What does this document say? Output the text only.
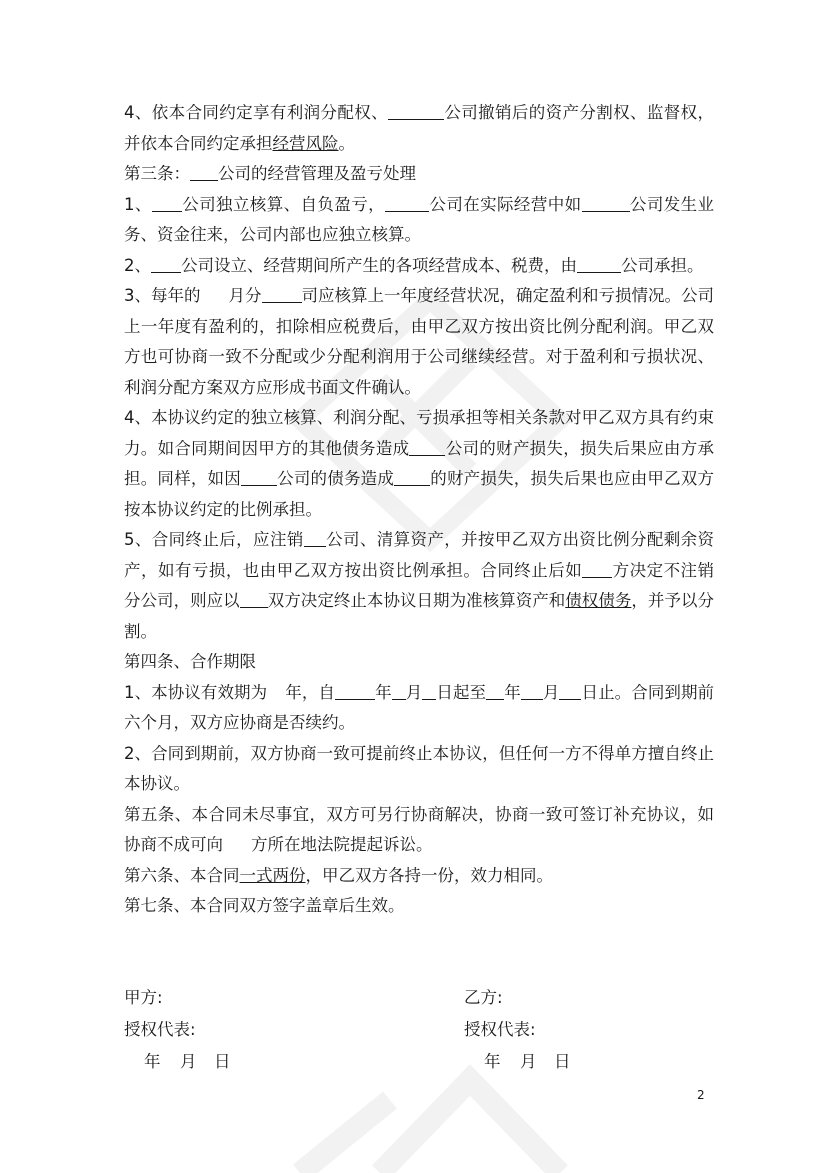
4、依本合同约定享有利润分配权、	公司撤销后的资产分割权、监督权，并依本合同约定承担经营风险。

第三条： 公司的经营管理及盈亏处理

1、 公司独立核算、自负盈亏，	公司在实际经营中如	公司发生业务、资金往来，公司内部也应独立核算。

2、 公司设立、经营期间所产生的各项经营成本、税费，由	公司承担。

3、每年的 月分 司应核算上一年度经营状况，确定盈利和亏损情况。公司上一年度有盈利的，扣除相应税费后，由甲乙双方按出资比例分配利润。甲乙双方也可协商一致不分配或少分配利润用于公司继续经营。对于盈利和亏损状况、利润分配方案双方应形成书面文件确认。

4、本协议约定的独立核算、利润分配、亏损承担等相关条款对甲乙双方具有约束力。如合同期间因甲方的其他债务造成 公司的财产损失，损失后果应由方承担。同样，如因 公司的债务造成 的财产损失，损失后果也应由甲乙双方按本协议约定的比例承担。

5、合同终止后，应注销 公司、清算资产，并按甲乙双方出资比例分配剩余资产，如有亏损，也由甲乙双方按出资比例承担。合同终止后如 方决定不注销分公司，则应以 双方决定终止本协议日期为准核算资产和债权债务，并予以分割。

第四条、合作期限

1、本协议有效期为 年，自 年 月 日起至 年 月 日止。合同到期前六个月，双方应协商是否续约。

2、合同到期前，双方协商一致可提前终止本协议，但任何一方不得单方擅自终止本协议。

第五条、本合同未尽事宜，双方可另行协商解决，协商一致可签订补充协议，如协商不成可向 方所在地法院提起诉讼。

第六条、本合同一式两份，甲乙双方各持一份，效力相同。

第七条、本合同双方签字盖章后生效。

甲方:
授权代表:
年 月 日
乙方:
授权代表:
年 月 日
2
